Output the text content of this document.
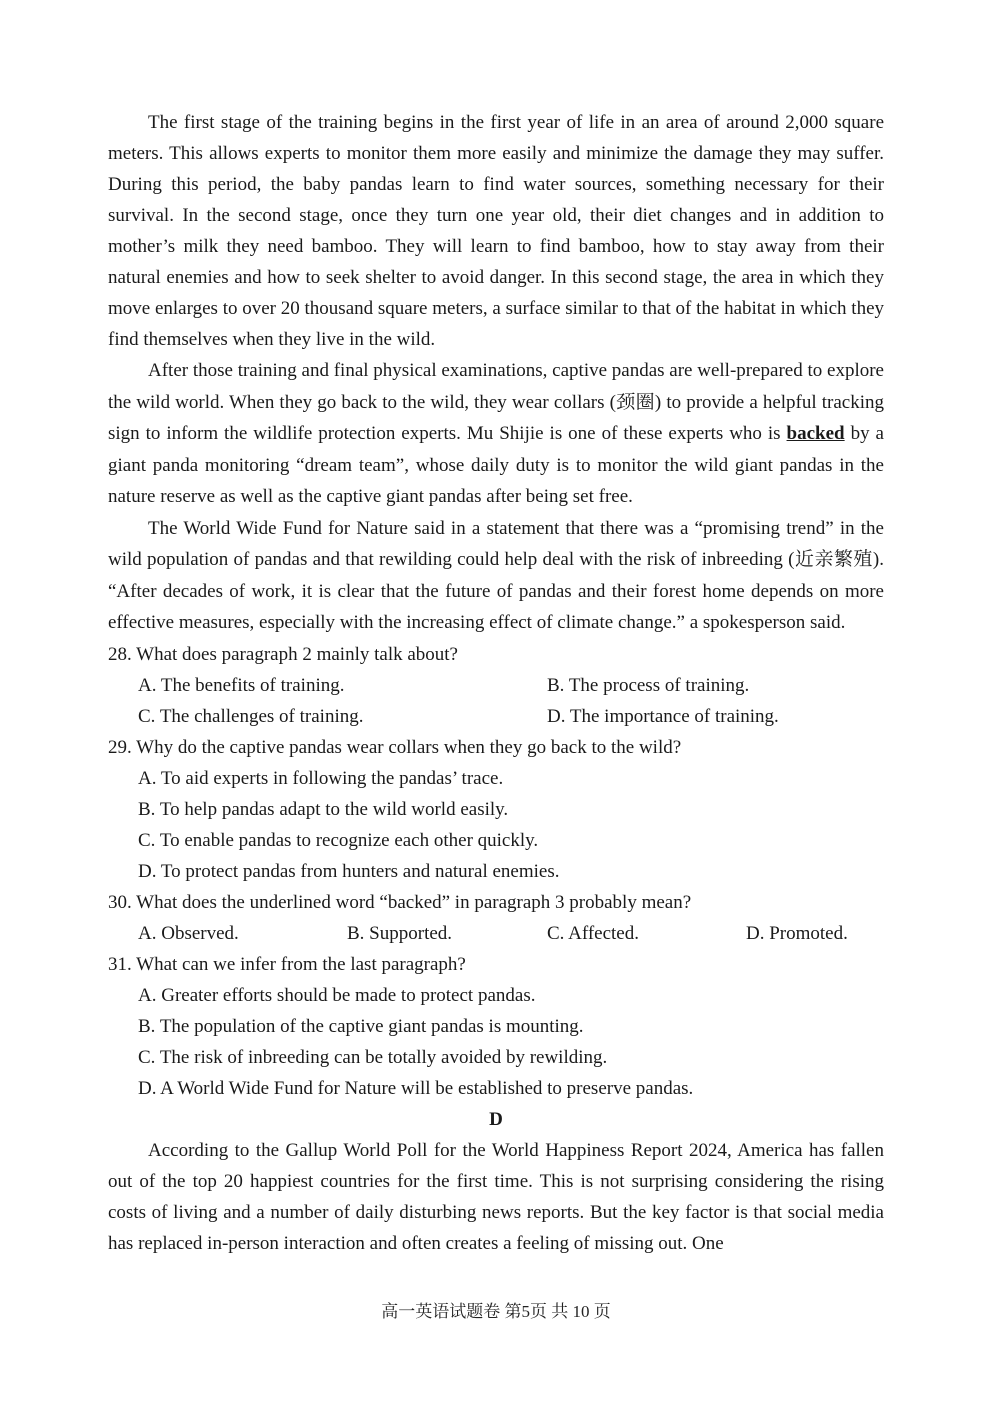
The first stage of the training begins in the first year of life in an area of around 2,000 square meters. This allows experts to monitor them more easily and minimize the damage they may suffer. During this period, the baby pandas learn to find water sources, something necessary for their survival. In the second stage, once they turn one year old, their diet changes and in addition to mother’s milk they need bamboo. They will learn to find bamboo, how to stay away from their natural enemies and how to seek shelter to avoid danger. In this second stage, the area in which they move enlarges to over 20 thousand square meters, a surface similar to that of the habitat in which they find themselves when they live in the wild.

After those training and final physical examinations, captive pandas are well-prepared to explore the wild world. When they go back to the wild, they wear collars (颈圈) to provide a helpful tracking sign to inform the wildlife protection experts. Mu Shijie is one of these experts who is backed by a giant panda monitoring “dream team”, whose daily duty is to monitor the wild giant pandas in the nature reserve as well as the captive giant pandas after being set free.

The World Wide Fund for Nature said in a statement that there was a “promising trend” in the wild population of pandas and that rewilding could help deal with the risk of inbreeding (近亲繁殖). “After decades of work, it is clear that the future of pandas and their forest home depends on more effective measures, especially with the increasing effect of climate change.” a spokesperson said.

28. What does paragraph 2 mainly talk about?

A. The benefits of training.	B. The process of training.
C. The challenges of training.	D. The importance of training.

29. Why do the captive pandas wear collars when they go back to the wild?

A. To aid experts in following the pandas’ trace.

B. To help pandas adapt to the wild world easily.

C. To enable pandas to recognize each other quickly.

D. To protect pandas from hunters and natural enemies.

30. What does the underlined word “backed” in paragraph 3 probably mean?

A. Observed.	B. Supported.	C. Affected.	D. Promoted.

31. What can we infer from the last paragraph?

A. Greater efforts should be made to protect pandas.

B. The population of the captive giant pandas is mounting.

C. The risk of inbreeding can be totally avoided by rewilding.

D. A World Wide Fund for Nature will be established to preserve pandas.

D

According to the Gallup World Poll for the World Happiness Report 2024, America has fallen out of the top 20 happiest countries for the first time. This is not surprising considering the rising costs of living and a number of daily disturbing news reports. But the key factor is that social media has replaced in-person interaction and often creates a feeling of missing out. One

高一英语试题卷 第5页 共 10 页
